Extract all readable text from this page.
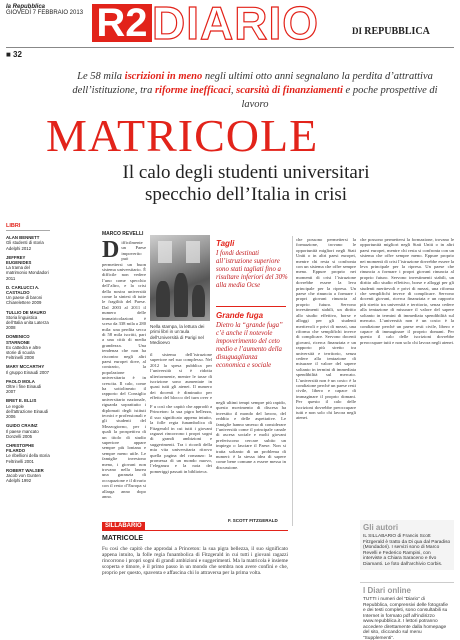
la Repubblica
GIOVEDÌ 7 FEBBRAIO 2013 R2 DIARIO	DI REPUBBLICA
■ 32
Le 58 mila iscrizioni in meno negli ultimi otto anni segnalano la perdita d’attrattiva dell’istituzione, tra riforme inefficaci, scarsità di finanziamenti e poche prospettive di lavoro
MATRICOLE
Il calo degli studenti universitari specchio dell’Italia in crisi
LIBRI
ALAN BENNETT
Gli studenti di storia Adelphi 2012
JEFFREY EUGENIDES
La trama del matrimonio Mondadori 2011
D. CARLUCCI A. CASTALDO
Un paese di baroni Chiarelettere 2009
TULLIO DE MAURO
Storia linguistica dell’Italia unita Laterza 2008
DOMENICO STARNONE
Ex cattedra e altre storie di scuola Feltrinelli 2008
MARY MCCARTHY
Il gruppo Einaudi 2007
PAOLO MOLA
Oltre i fine Einaudi 2007
BRET E. ELLIS
Le regole dell’attrazione Einaudi 2006
GUIDO CRAINZ
Il paese mancato Donzelli 2005
CHRISTOPHE FILARDO
Le ribellioni della storia Feltrinelli 2001
ROBERT WALSER
Jacob von Gunten Adelphi 1992
MARCO REVELLI
Difficilmente un Paese impoverito può permettersi un buon sistema universitario. È difficile non vedere l’uno come specchio dell’altro, e la crisi della nostra università come la sintesi di tutte le fragilità del Paese. Dal 2003 al 2011 il numero delle immatricolazioni è sceso da 338 mila a 280 mila: una perdita secca di 58 mila iscritti, pari a una città di media grandezza. Una tendenza che non ha riscontro negli altri paesi europei dove, al contrario, la popolazione universitaria è in crescita. Il calo, come ha sottolineato il rapporto del Consiglio universitario nazionale, riguarda soprattutto i diplomati degli istituti tecnici e professionali e gli studenti del Mezzogiorno, per i quali la prospettiva di un titolo di studio superiore appare sempre più lontana e sempre meno utile. Le famiglie investono meno, i giovani non trovano nella laurea una garanzia di occupazione e il divario con il resto d’Europa si allarga anno dopo anno.
Nella stampa, la lettura dei primi libri in un’aula dell’Università di Parigi nel Medioevo
il sistema dell’istruzione superiore nel suo complesso. Nel 2012 la spesa pubblica per l’università si è ridotta ulteriormente, mentre le tasse di iscrizione sono aumentate in quasi tutti gli atenei. Il numero dei docenti è diminuito per effetto del blocco del turn over e
Tagli
I fondi destinati all’istruzione superiore sono stati tagliati fino a risultare inferiori del 30% alla media Ocse
Grande fuga
Dietro la “grande fuga” c’è anche il notevole impoverimento del ceto medio e l’aumento della disuguaglianza economica e sociale
negli ultimi tempi sempre più rapido, questo movimento di discesa ha investito il mondo del lavoro, del reddito e delle aspettative. Le famiglie hanno smesso di considerare l’università come il principale canale di ascesa sociale e molti giovani preferiscono cercare subito un impiego o lasciare il Paese. Non si tratta soltanto di un problema di numeri: è la stessa idea di sapere come bene comune a essere messa in discussione.
che possono permettersi la formazione, trovano le opportunità migliori negli Stati Uniti o in altri paesi europei, mentre chi resta si confronta con un sistema che offre sempre meno. Eppure proprio nei momenti di crisi l’istruzione dovrebbe essere la leva principale per la ripresa. Un paese che rinuncia a formare i propri giovani rinuncia al proprio futuro. Servono investimenti stabili, un diritto allo studio effettivo, borse e alloggi per gli studenti meritevoli e privi di mezzi, una riforma che semplifichi invece di complicare. Servono docenti giovani, ricerca finanziata e un rapporto più stretto tra università e territorio, senza cedere alla tentazione di misurare il valore del sapere soltanto in termini di immediata spendibilità sul mercato. L’università non è un costo: è la condizione perché un paese resti civile, libero e capace di immaginare il proprio domani. Per questo il calo delle iscrizioni dovrebbe preoccupare tutti e non solo chi lavora negli atenei.
che possono permettersi la formazione, trovano le opportunità migliori negli Stati Uniti o in altri paesi europei, mentre chi resta si confronta con un sistema che offre sempre meno. Eppure proprio nei momenti di crisi l’istruzione dovrebbe essere la leva principale per la ripresa. Un paese che rinuncia a formare i propri giovani rinuncia al proprio futuro. Servono investimenti stabili, un diritto allo studio effettivo, borse e alloggi per gli studenti meritevoli e privi di mezzi, una riforma che semplifichi invece di complicare. Servono docenti giovani, ricerca finanziata e un rapporto più stretto tra università e territorio, senza cedere alla tentazione di misurare il valore del sapere soltanto in termini di immediata spendibilità sul mercato. L’università non è un costo: è la condizione perché un paese resti civile, libero e capace di immaginare il proprio domani. Per questo il calo delle iscrizioni dovrebbe preoccupare tutti e non solo chi lavora negli atenei.
F u così che capitò che approdò a Princeton: la sua pigra bellezza, il suo significato appena intuito, la folle regia funambolica di Fitzgerald in cui tutti i giovani ragazzi rincorrono i propri sogni di grandi ambizioni e suggerimenti. Tra i ricordi della mia vita universitaria ritrovo quella pagina del romanzo: la promessa di un mondo nuovo, l’eleganza e la noia dei pomeriggi passati in biblioteca.
F. SCOTT FITZGERALD
SILLABARIO
MATRICOLE
Fu così che capitò che approdai a Princeton: la sua pigra bellezza, il suo significato appena intuito, la folle regia funambolica di Fitzgerald in cui tutti i giovani ragazzi rincorrono i propri sogni di grandi ambizioni e suggerimenti. Ma la matricola è insieme scoperta e timore, è il primo passo in un mondo che sembra non avere confini e che, proprio per questo, spaventa e affascina chi lo attraversa per la prima volta.
Gli autori
IL SILLABARIO di Francis Scott Fitzgerald è tratto da Di qua dal Paradiso (Mondadori). I servizi sono di Marco Revelli e Federico Rampini, con interviste a Chiara Saraceno e Ilvo Diamanti. Le foto dall’archivio Corbis.
I Diari online
TUTTI i numeri del “Diario” di Repubblica, comprensivi delle fotografie e dei testi completi, sono consultabili su Internet in formato pdf all’indirizzo www.repubblica.it. I lettori potranno accedere direttamente dalla homepage del sito, cliccando sul menu “Supplementi”.
